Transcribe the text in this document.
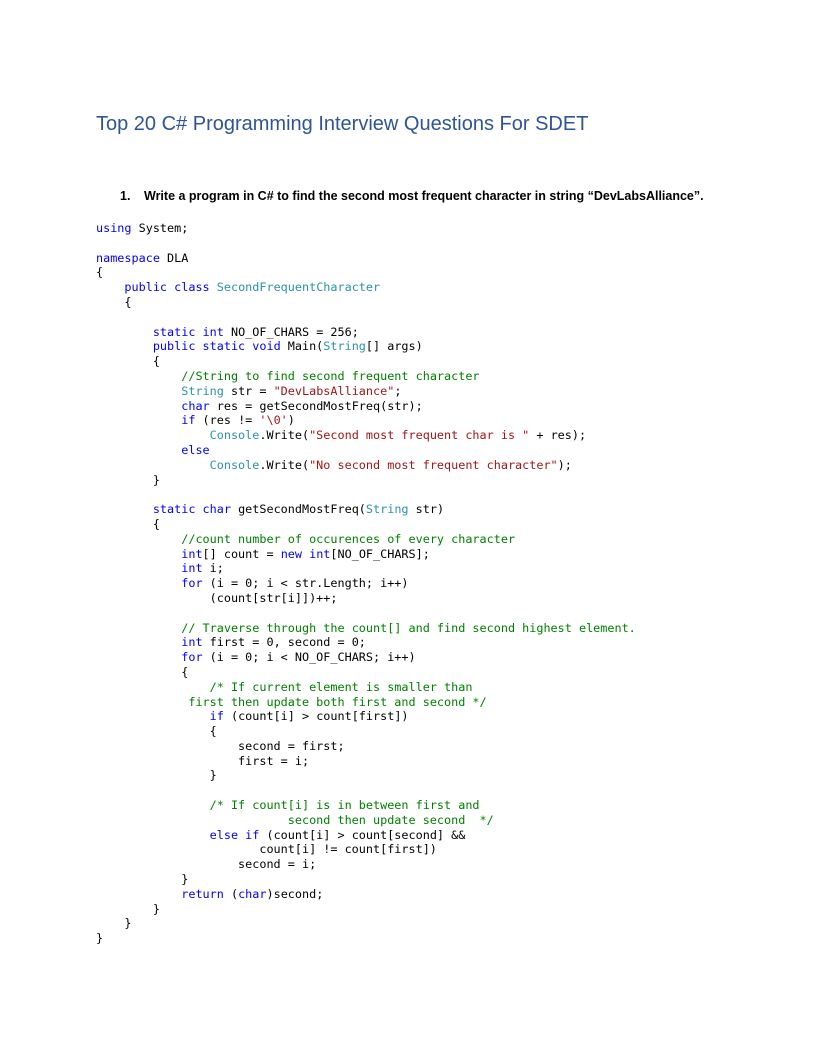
Top 20 C# Programming Interview Questions For SDET
1. Write a program in C# to find the second most frequent character in string “DevLabsAlliance”.
using System;

namespace DLA
{
public class SecondFrequentCharacter
{

static int NO_OF_CHARS = 256;
public static void Main(String[] args)
{
//String to find second frequent character
String str = "DevLabsAlliance";
char res = getSecondMostFreq(str);
if (res != '\0')
Console.Write("Second most frequent char is " + res);
else
Console.Write("No second most frequent character");
}

static char getSecondMostFreq(String str)
{
//count number of occurences of every character
int[] count = new int[NO_OF_CHARS];
int i;
for (i = 0; i < str.Length; i++)
(count[str[i]])++;

// Traverse through the count[] and find second highest element.
int first = 0, second = 0;
for (i = 0; i < NO_OF_CHARS; i++)
{
/* If current element is smaller than
first then update both first and second */
if (count[i] > count[first])
{
second = first;
first = i;
}

/* If count[i] is in between first and
second then update second  */
else if (count[i] > count[second] &&
count[i] != count[first])
second = i;
}
return (char)second;
}
}
}
